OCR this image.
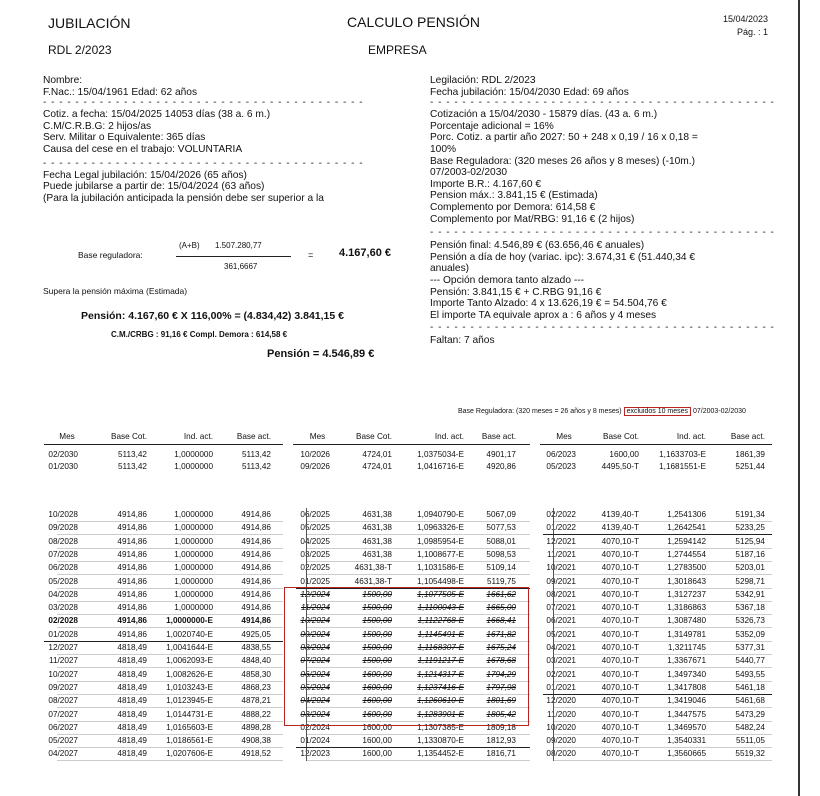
JUBILACIÓN	CALCULO PENSIÓN	15/04/2023
Pág. : 1
RDL 2/2023	EMPRESA
Nombre:
F.Nac.: 15/04/1961 Edad: 62 años
- - - - - - - - - - - - - - - - - - - - - - - - - - - - - - - - - - - - - - - -
Cotiz. a fecha: 15/04/2025 14053 días (38 a. 6 m.)
C.M/C.R.B.G: 2 hijos/as
Serv. Militar o Equivalente: 365 días
Causa del cese en el trabajo: VOLUNTARIA
- - - - - - - - - - - - - - - - - - - - - - - - - - - - - - - - - - - - - - - -
Fecha Legal jubilación: 15/04/2026 (65 años)
Puede jubilarse a partir de: 15/04/2024 (63 años)
(Para la jubilación anticipada la pensión debe ser superior a la
Base reguladora:
(A+B) 1.507.280,77
361,6667
= 4.167,60 €
Supera la pensión máxima (Estimada)
Pensión: 4.167,60 € X 116,00% = (4.834,42) 3.841,15 €
C.M./CRBG : 91,16 € Compl. Demora : 614,58 €
Pensión = 4.546,89 €
Legilación: RDL 2/2023
Fecha jubilación: 15/04/2030 Edad: 69 años
- - - - - - - - - - - - - - - - - - - - - - - - - - - - - - - - - - - - - - - - - - -
Cotización a 15/04/2030 - 15879 días. (43 a. 6 m.)
Porcentaje adicional = 16%
Porc. Cotiz. a partir año 2027: 50 + 248 x 0,19 / 16 x 0,18 =
100%
Base Reguladora: (320 meses 26 años y 8 meses) (-10m.)
07/2003-02/2030
Importe B.R.: 4.167,60 €
Pension máx.: 3.841,15 € (Estimada)
Complemento por Demora: 614,58 €
Complemento por Mat/RBG: 91,16 € (2 hijos)
- - - - - - - - - - - - - - - - - - - - - - - - - - - - - - - - - - - - - - - - - - -
Pensión final: 4.546,89 € (63.656,46 € anuales)
Pensión a día de hoy (variac. ipc): 3.674,31 € (51.440,34 €
anuales)
--- Opción demora tanto alzado ---
Pensión: 3.841,15 € + C.RBG 91,16 €
Importe Tanto Alzado: 4 x 13.626,19 € = 54.504,76 €
El importe TA equivale aprox a : 6 años y 4 meses
- - - - - - - - - - - - - - - - - - - - - - - - - - - - - - - - - - - - - - - - - - -
Faltan: 7 años
Base Reguladora: (320 meses = 26 años y 8 meses) excluidos 10 meses 07/2003-02/2030
Mes	Base Cot.	Ind. act.	Base act.	Mes	Base Cot.	Ind. act.	Base act.	Mes	Base Cot.	Ind. act.	Base act.
02/2030	5113,42	1,0000000	5113,42	10/2026	4724,01	1,0375034-E	4901,17	06/2023	1600,00	1,1633703-E	1861,39
01/2030	5113,42	1,0000000	5113,42	09/2026	4724,01	1,0416716-E	4920,86	05/2023	4495,50-T	1,1681551-E	5251,44
10/2028	4914,86	1,0000000	4914,86
09/2028	4914,86	1,0000000	4914,86
08/2028	4914,86	1,0000000	4914,86
07/2028	4914,86	1,0000000	4914,86
06/2028	4914,86	1,0000000	4914,86
05/2028	4914,86	1,0000000	4914,86
04/2028	4914,86	1,0000000	4914,86
03/2028	4914,86	1,0000000	4914,86
02/2028	4914,86	1,0000000-E	4914,86
01/2028	4914,86	1,0020740-E	4925,05
12/2027	4818,49	1,0041644-E	4838,55
11/2027	4818,49	1,0062093-E	4848,40
10/2027	4818,49	1,0082626-E	4858,30
09/2027	4818,49	1,0103243-E	4868,23
08/2027	4818,49	1,0123945-E	4878,21
07/2027	4818,49	1,0144731-E	4888,22
06/2027	4818,49	1,0165603-E	4898,28
05/2027	4818,49	1,0186561-E	4908,38
04/2027	4818,49	1,0207606-E	4918,52
06/2025	4631,38	1,0940790-E	5067,09
05/2025	4631,38	1,0963326-E	5077,53
04/2025	4631,38	1,0985954-E	5088,01
03/2025	4631,38	1,1008677-E	5098,53
02/2025	4631,38-T	1,1031586-E	5109,14
01/2025	4631,38-T	1,1054498-E	5119,75
12/2024	1500,00	1,1077505-E	1661,62
11/2024	1500,00	1,1100043-E	1665,00
10/2024	1500,00	1,1122768-E	1668,41
09/2024	1500,00	1,1145491-E	1671,82
08/2024	1500,00	1,1168307-E	1675,24
07/2024	1500,00	1,1191217-E	1678,68
06/2024	1600,00	1,1214317-E	1794,29
05/2024	1600,00	1,1237416-E	1797,98
04/2024	1600,00	1,1260610-E	1801,69
03/2024	1600,00	1,1283901-E	1805,42
02/2024	1600,00	1,1307385-E	1809,18
01/2024	1600,00	1,1330870-E	1812,93
12/2023	1600,00	1,1354452-E	1816,71
02/2022	4139,40-T	1,2541306	5191,34
01/2022	4139,40-T	1,2642541	5233,25
12/2021	4070,10-T	1,2594142	5125,94
11/2021	4070,10-T	1,2744554	5187,16
10/2021	4070,10-T	1,2783500	5203,01
09/2021	4070,10-T	1,3018643	5298,71
08/2021	4070,10-T	1,3127237	5342,91
07/2021	4070,10-T	1,3186863	5367,18
06/2021	4070,10-T	1,3087480	5326,73
05/2021	4070,10-T	1,3149781	5352,09
04/2021	4070,10-T	1,3211745	5377,31
03/2021	4070,10-T	1,3367671	5440,77
02/2021	4070,10-T	1,3497340	5493,55
01/2021	4070,10-T	1,3417808	5461,18
12/2020	4070,10-T	1,3419046	5461,68
11/2020	4070,10-T	1,3447575	5473,29
10/2020	4070,10-T	1,3469570	5482,24
09/2020	4070,10-T	1,3540331	5511,05
08/2020	4070,10-T	1,3560665	5519,32
